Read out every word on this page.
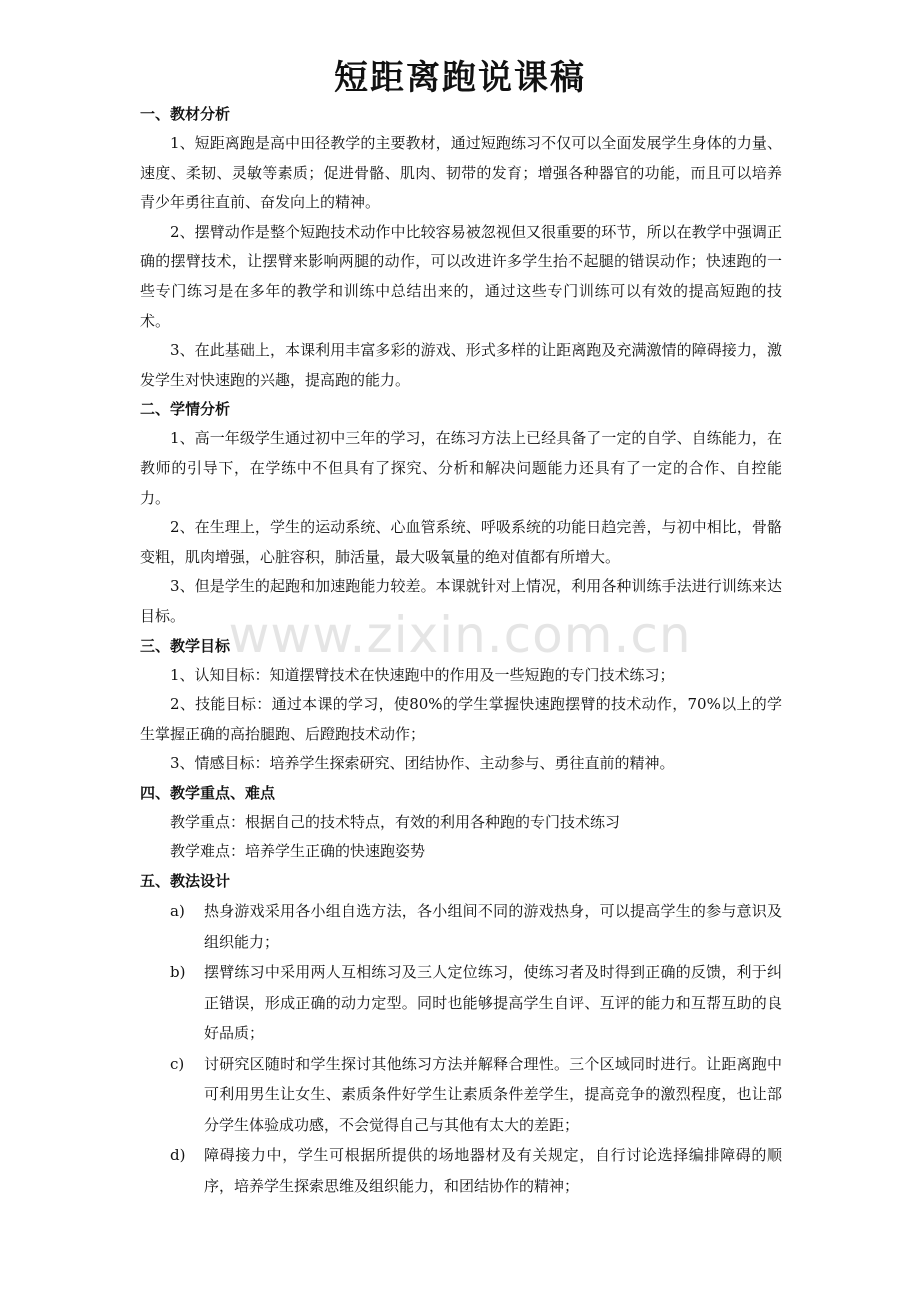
短距离跑说课稿

一、教材分析

1、短距离跑是高中田径教学的主要教材，通过短跑练习不仅可以全面发展学生身体的力量、速度、柔韧、灵敏等素质；促进骨骼、肌肉、韧带的发育；增强各种器官的功能，而且可以培养青少年勇往直前、奋发向上的精神。

2、摆臂动作是整个短跑技术动作中比较容易被忽视但又很重要的环节，所以在教学中强调正确的摆臂技术，让摆臂来影响两腿的动作，可以改进许多学生抬不起腿的错误动作；快速跑的一些专门练习是在多年的教学和训练中总结出来的，通过这些专门训练可以有效的提高短跑的技术。

3、在此基础上，本课利用丰富多彩的游戏、形式多样的让距离跑及充满激情的障碍接力，激发学生对快速跑的兴趣，提高跑的能力。

二、学情分析

1、高一年级学生通过初中三年的学习，在练习方法上已经具备了一定的自学、自练能力，在教师的引导下，在学练中不但具有了探究、分析和解决问题能力还具有了一定的合作、自控能力。

2、在生理上，学生的运动系统、心血管系统、呼吸系统的功能日趋完善，与初中相比，骨骼变粗，肌肉增强，心脏容积，肺活量，最大吸氧量的绝对值都有所增大。

3、但是学生的起跑和加速跑能力较差。本课就针对上情况，利用各种训练手法进行训练来达目标。

三、教学目标

1、认知目标：知道摆臂技术在快速跑中的作用及一些短跑的专门技术练习；

2、技能目标：通过本课的学习，使80%的学生掌握快速跑摆臂的技术动作，70%以上的学生掌握正确的高抬腿跑、后蹬跑技术动作；

3、情感目标：培养学生探索研究、团结协作、主动参与、勇往直前的精神。

四、教学重点、难点

教学重点：根据自己的技术特点，有效的利用各种跑的专门技术练习

教学难点：培养学生正确的快速跑姿势

五、教法设计

a)	热身游戏采用各小组自选方法，各小组间不同的游戏热身，可以提高学生的参与意识及组织能力；
b)	摆臂练习中采用两人互相练习及三人定位练习，使练习者及时得到正确的反馈，利于纠正错误，形成正确的动力定型。同时也能够提高学生自评、互评的能力和互帮互助的良好品质；
c)	讨研究区随时和学生探讨其他练习方法并解释合理性。三个区域同时进行。让距离跑中可利用男生让女生、素质条件好学生让素质条件差学生，提高竞争的激烈程度，也让部分学生体验成功感，不会觉得自己与其他有太大的差距；
d)	障碍接力中，学生可根据所提供的场地器材及有关规定，自行讨论选择编排障碍的顺序，培养学生探索思维及组织能力，和团结协作的精神；
www.zixin.com.cn
